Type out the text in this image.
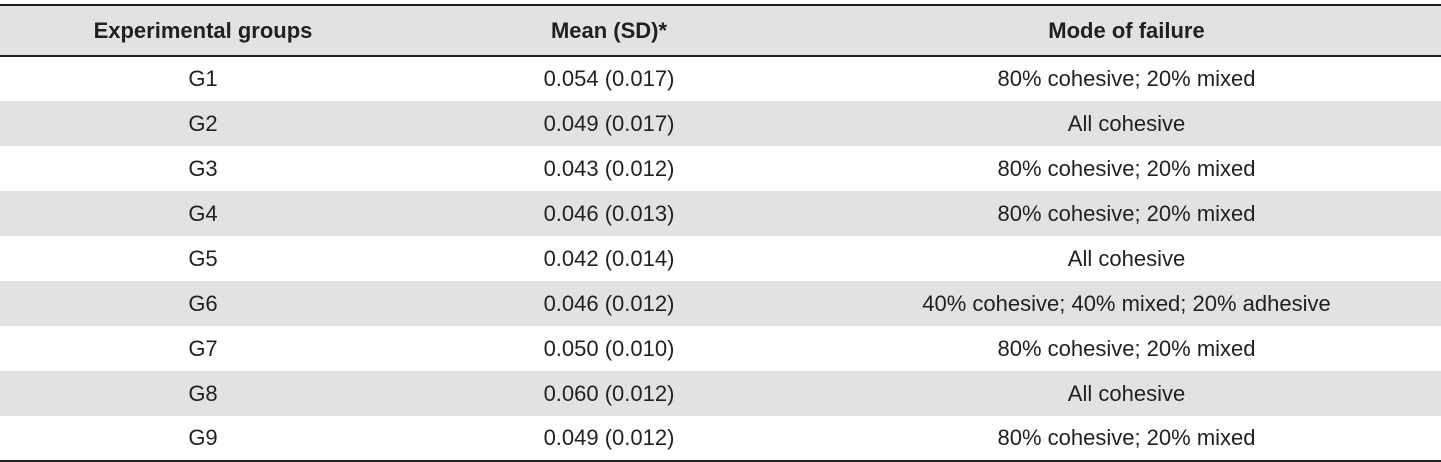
Experimental groups	Mean (SD)*	Mode of failure
G1	0.054 (0.017)	80% cohesive; 20% mixed
G2	0.049 (0.017)	All cohesive
G3	0.043 (0.012)	80% cohesive; 20% mixed
G4	0.046 (0.013)	80% cohesive; 20% mixed
G5	0.042 (0.014)	All cohesive
G6	0.046 (0.012)	40% cohesive; 40% mixed; 20% adhesive
G7	0.050 (0.010)	80% cohesive; 20% mixed
G8	0.060 (0.012)	All cohesive
G9	0.049 (0.012)	80% cohesive; 20% mixed
